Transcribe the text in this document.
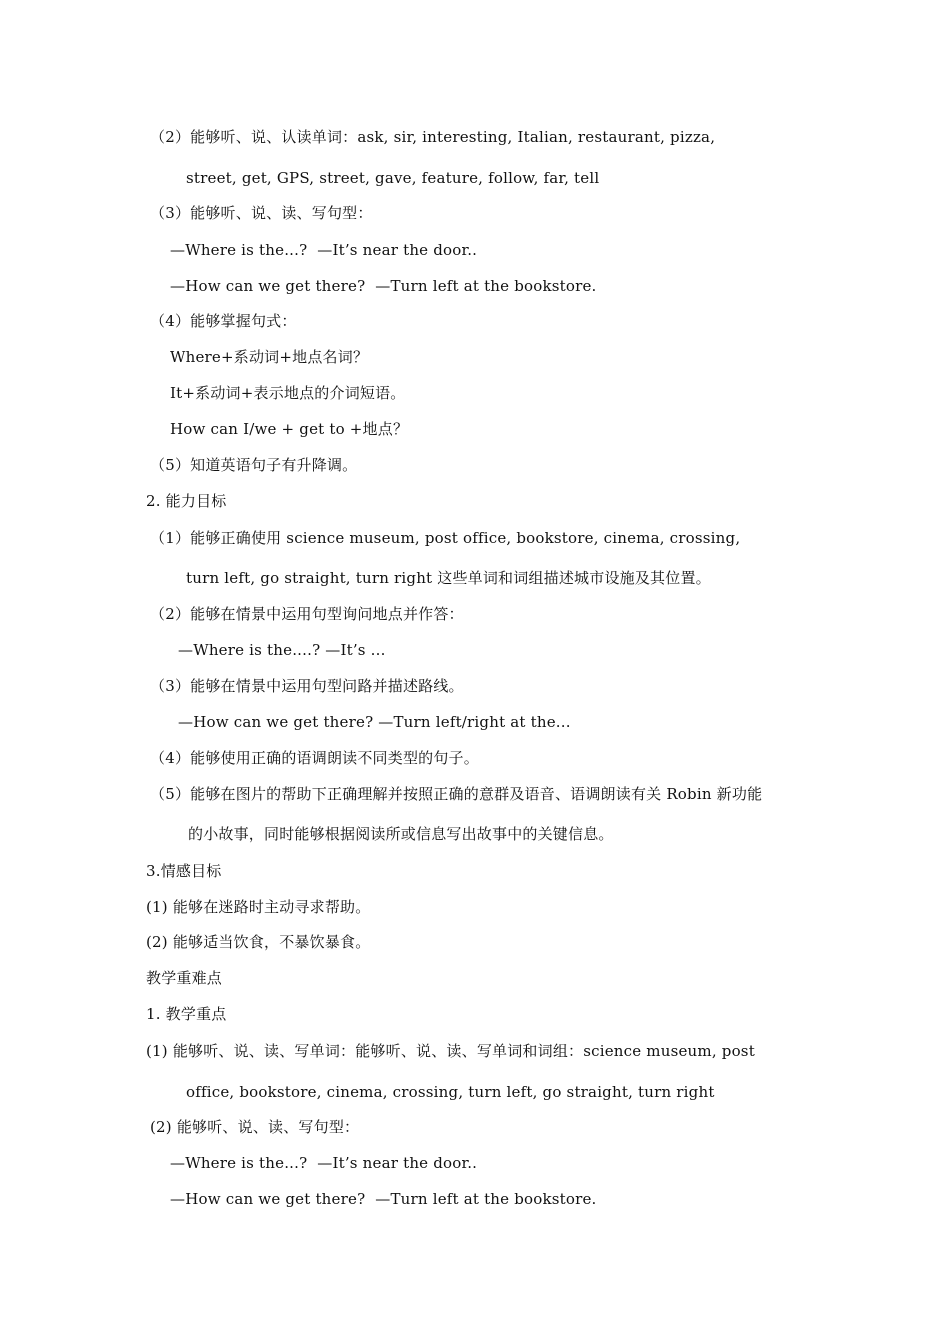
（2）能够听、说、认读单词：ask, sir, interesting, Italian, restaurant, pizza,
street, get, GPS, street, gave, feature, follow, far, tell
（3）能够听、说、读、写句型：
—Where is the...?  —It’s near the door..
—How can we get there?  —Turn left at the bookstore.
（4）能够掌握句式：
Where+系动词+地点名词？
It+系动词+表示地点的介词短语。
How can I/we + get to +地点？
（5）知道英语句子有升降调。
2. 能力目标
（1）能够正确使用 science museum, post office, bookstore, cinema, crossing,
turn left, go straight, turn right 这些单词和词组描述城市设施及其位置。
（2）能够在情景中运用句型询问地点并作答：
—Where is the....? —It’s ...
（3）能够在情景中运用句型问路并描述路线。
—How can we get there? —Turn left/right at the...
（4）能够使用正确的语调朗读不同类型的句子。
（5）能够在图片的帮助下正确理解并按照正确的意群及语音、语调朗读有关 Robin 新功能
的小故事，同时能够根据阅读所或信息写出故事中的关键信息。
3.情感目标
(1) 能够在迷路时主动寻求帮助。
(2) 能够适当饮食，不暴饮暴食。
教学重难点
1. 教学重点
(1) 能够听、说、读、写单词：能够听、说、读、写单词和词组：science museum, post
office, bookstore, cinema, crossing, turn left, go straight, turn right
(2) 能够听、说、读、写句型：
—Where is the...?  —It’s near the door..
—How can we get there?  —Turn left at the bookstore.
